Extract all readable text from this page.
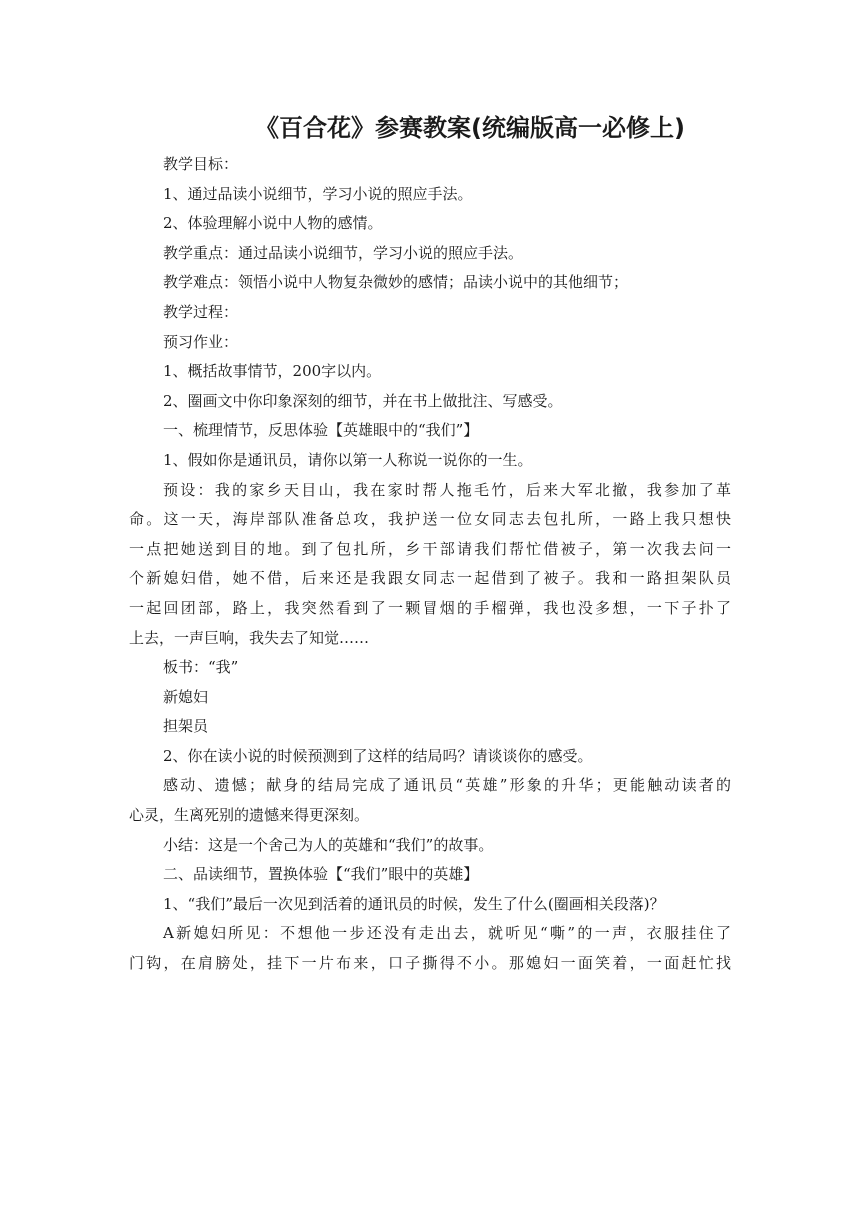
《百合花》参赛教案(统编版高一必修上)
教学目标：
1、通过品读小说细节，学习小说的照应手法。
2、体验理解小说中人物的感情。
教学重点：通过品读小说细节，学习小说的照应手法。
教学难点：领悟小说中人物复杂微妙的感情；品读小说中的其他细节；
教学过程：
预习作业：
1、概括故事情节，200字以内。
2、圈画文中你印象深刻的细节，并在书上做批注、写感受。
一、梳理情节，反思体验【英雄眼中的“我们”】
1、假如你是通讯员，请你以第一人称说一说你的一生。
预设：我的家乡天目山，我在家时帮人拖毛竹，后来大军北撤，我参加了革
命。这一天，海岸部队准备总攻，我护送一位女同志去包扎所，一路上我只想快
一点把她送到目的地。到了包扎所，乡干部请我们帮忙借被子，第一次我去问一
个新媳妇借，她不借，后来还是我跟女同志一起借到了被子。我和一路担架队员
一起回团部，路上，我突然看到了一颗冒烟的手榴弹，我也没多想，一下子扑了
上去，一声巨响，我失去了知觉……
板书：“我”
新媳妇
担架员
2、你在读小说的时候预测到了这样的结局吗？请谈谈你的感受。
感动、遗憾；献身的结局完成了通讯员“英雄”形象的升华；更能触动读者的
心灵，生离死别的遗憾来得更深刻。
小结：这是一个舍己为人的英雄和“我们”的故事。
二、品读细节，置换体验【“我们”眼中的英雄】
1、“我们”最后一次见到活着的通讯员的时候，发生了什么(圈画相关段落)？
A新媳妇所见：不想他一步还没有走出去，就听见“嘶”的一声，衣服挂住了
门钩，在肩膀处，挂下一片布来，口子撕得不小。那媳妇一面笑着，一面赶忙找
